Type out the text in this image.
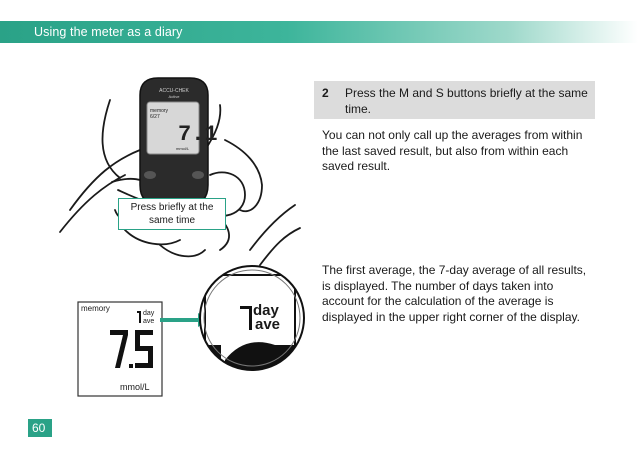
Using the meter as a diary
ACCU-CHEK
Active
memory
6/27
7.1
mmol/L
memory
day
ave
mmol/L
day
ave
Press briefly at the same time
2 Press the M and S buttons briefly at the same time.
You can not only call up the averages from within the last saved result, but also from within each saved result.
The first average, the 7-day average of all results, is displayed. The number of days taken into account for the calculation of the average is displayed in the upper right corner of the display.
60
